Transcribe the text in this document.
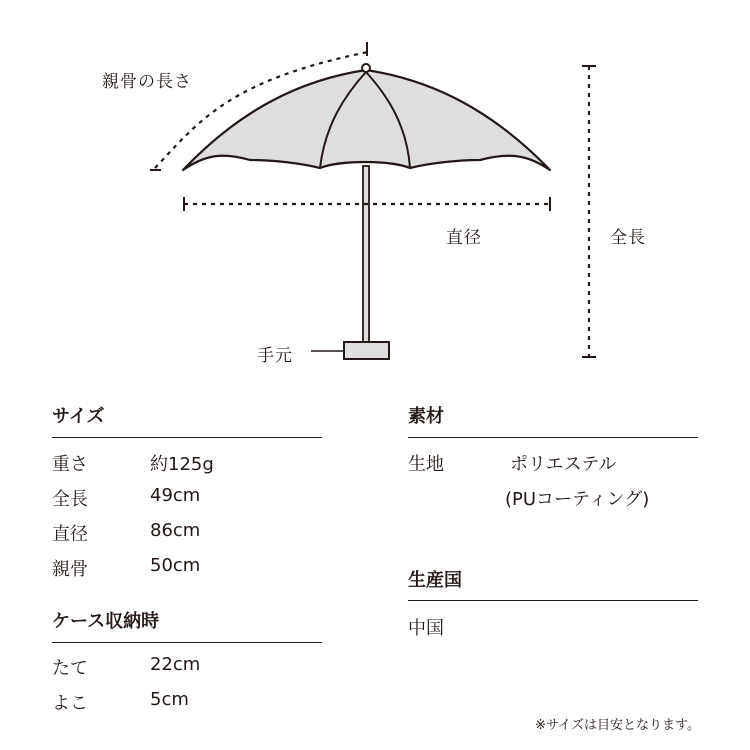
親骨の長さ
直径	全長
手元
サイズ
重さ	約125g
全長	49cm
直径	86cm
親骨	50cm
ケース収納時
たて	22cm
よこ	5cm
素材
生地	ポリエステル
(PUコーティング)
生産国
中国
※サイズは目安となります。
